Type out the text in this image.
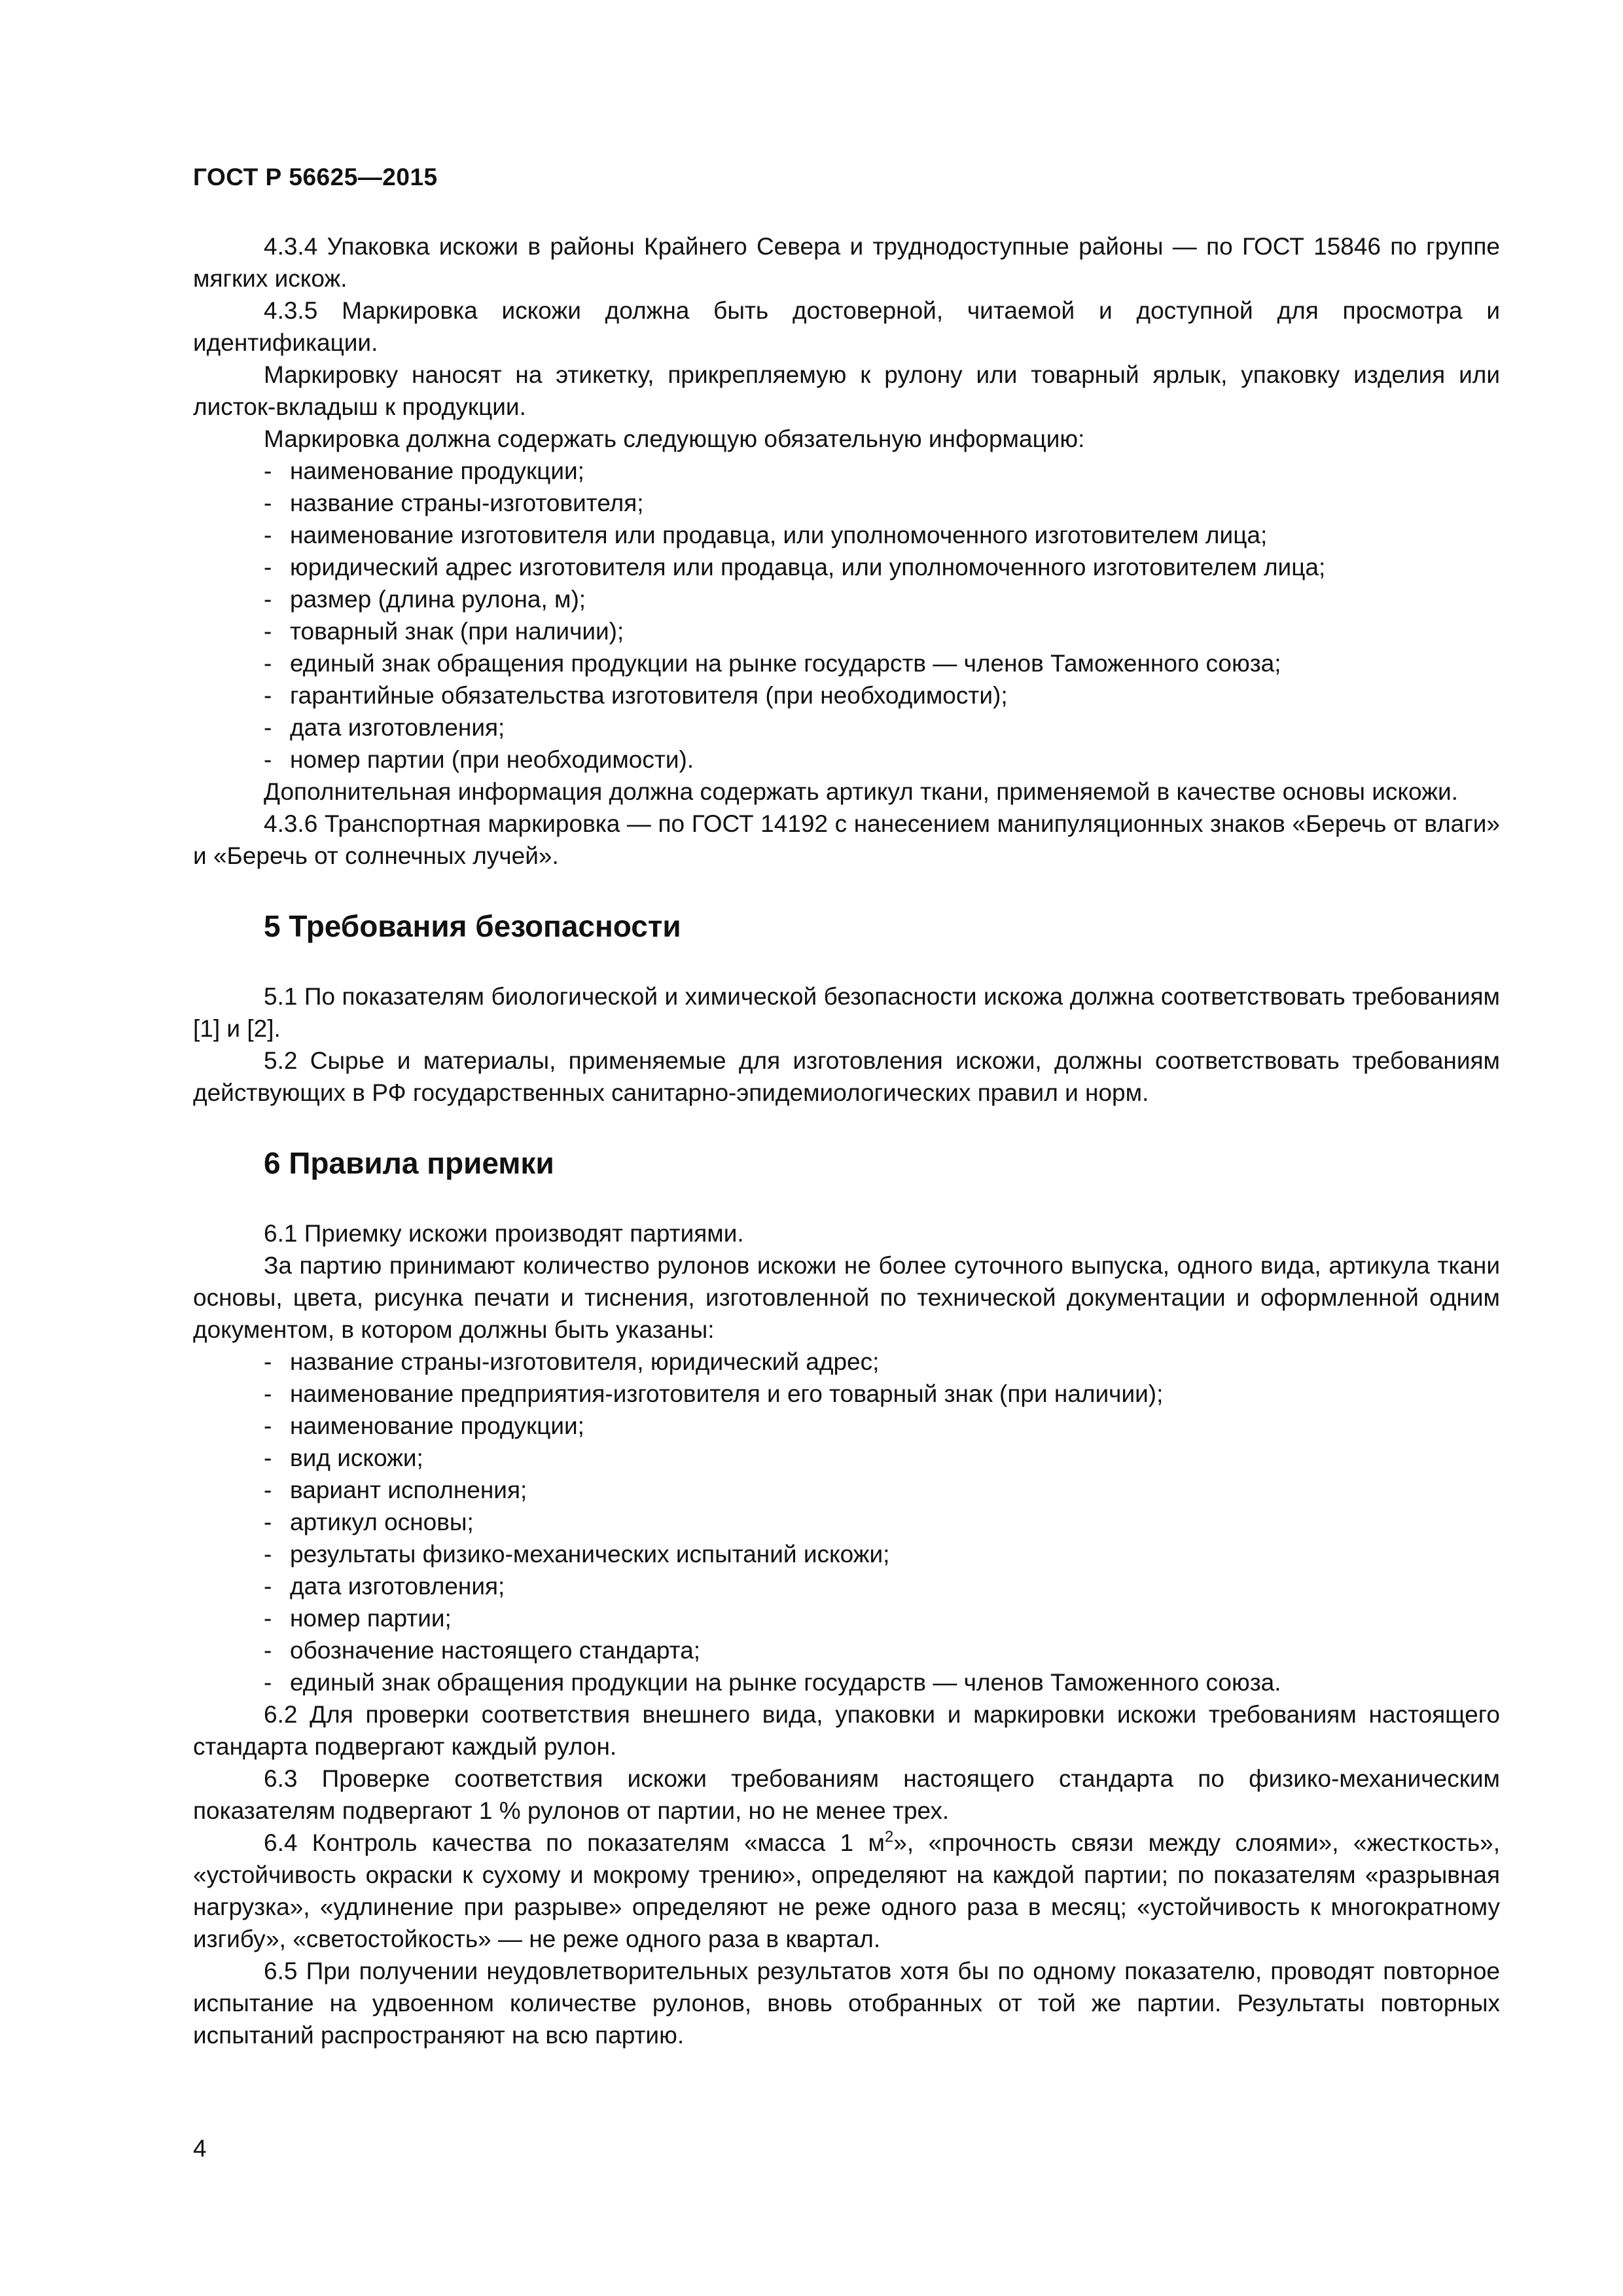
ГОСТ Р 56625—2015

4.3.4 Упаковка искожи в районы Крайнего Севера и труднодоступные районы — по ГОСТ 15846 по группе мягких искож.

4.3.5 Маркировка искожи должна быть достоверной, читаемой и доступной для просмотра и идентификации.

Маркировку наносят на этикетку, прикрепляемую к рулону или товарный ярлык, упаковку изделия или листок-вкладыш к продукции.

Маркировка должна содержать следующую обязательную информацию:

- наименование продукции;
- название страны-изготовителя;
- наименование изготовителя или продавца, или уполномоченного изготовителем лица;
- юридический адрес изготовителя или продавца, или уполномоченного изготовителем лица;
- размер (длина рулона, м);
- товарный знак (при наличии);
- единый знак обращения продукции на рынке государств — членов Таможенного союза;
- гарантийные обязательства изготовителя (при необходимости);
- дата изготовления;
- номер партии (при необходимости).

Дополнительная информация должна содержать артикул ткани, применяемой в качестве основы искожи.

4.3.6 Транспортная маркировка — по ГОСТ 14192 с нанесением манипуляционных знаков «Беречь от влаги» и «Беречь от солнечных лучей».

5 Требования безопасности

5.1 По показателям биологической и химической безопасности искожа должна соответствовать требованиям [1] и [2].

5.2 Сырье и материалы, применяемые для изготовления искожи, должны соответствовать требованиям действующих в РФ государственных санитарно-эпидемиологических правил и норм.

6 Правила приемки

6.1 Приемку искожи производят партиями.

За партию принимают количество рулонов искожи не более суточного выпуска, одного вида, артикула ткани основы, цвета, рисунка печати и тиснения, изготовленной по технической документации и оформленной одним документом, в котором должны быть указаны:

- название страны-изготовителя, юридический адрес;
- наименование предприятия-изготовителя и его товарный знак (при наличии);
- наименование продукции;
- вид искожи;
- вариант исполнения;
- артикул основы;
- результаты физико-механических испытаний искожи;
- дата изготовления;
- номер партии;
- обозначение настоящего стандарта;
- единый знак обращения продукции на рынке государств — членов Таможенного союза.

6.2 Для проверки соответствия внешнего вида, упаковки и маркировки искожи требованиям настоящего стандарта подвергают каждый рулон.

6.3 Проверке соответствия искожи требованиям настоящего стандарта по физико-механическим показателям подвергают 1 % рулонов от партии, но не менее трех.

6.4 Контроль качества по показателям «масса 1 $м^2$», «прочность связи между слоями», «жесткость», «устойчивость окраски к сухому и мокрому трению», определяют на каждой партии; по показателям «разрывная нагрузка», «удлинение при разрыве» определяют не реже одного раза в месяц; «устойчивость к многократному изгибу», «светостойкость» — не реже одного раза в квартал.

6.5 При получении неудовлетворительных результатов хотя бы по одному показателю, проводят повторное испытание на удвоенном количестве рулонов, вновь отобранных от той же партии. Результаты повторных испытаний распространяют на всю партию.

4
